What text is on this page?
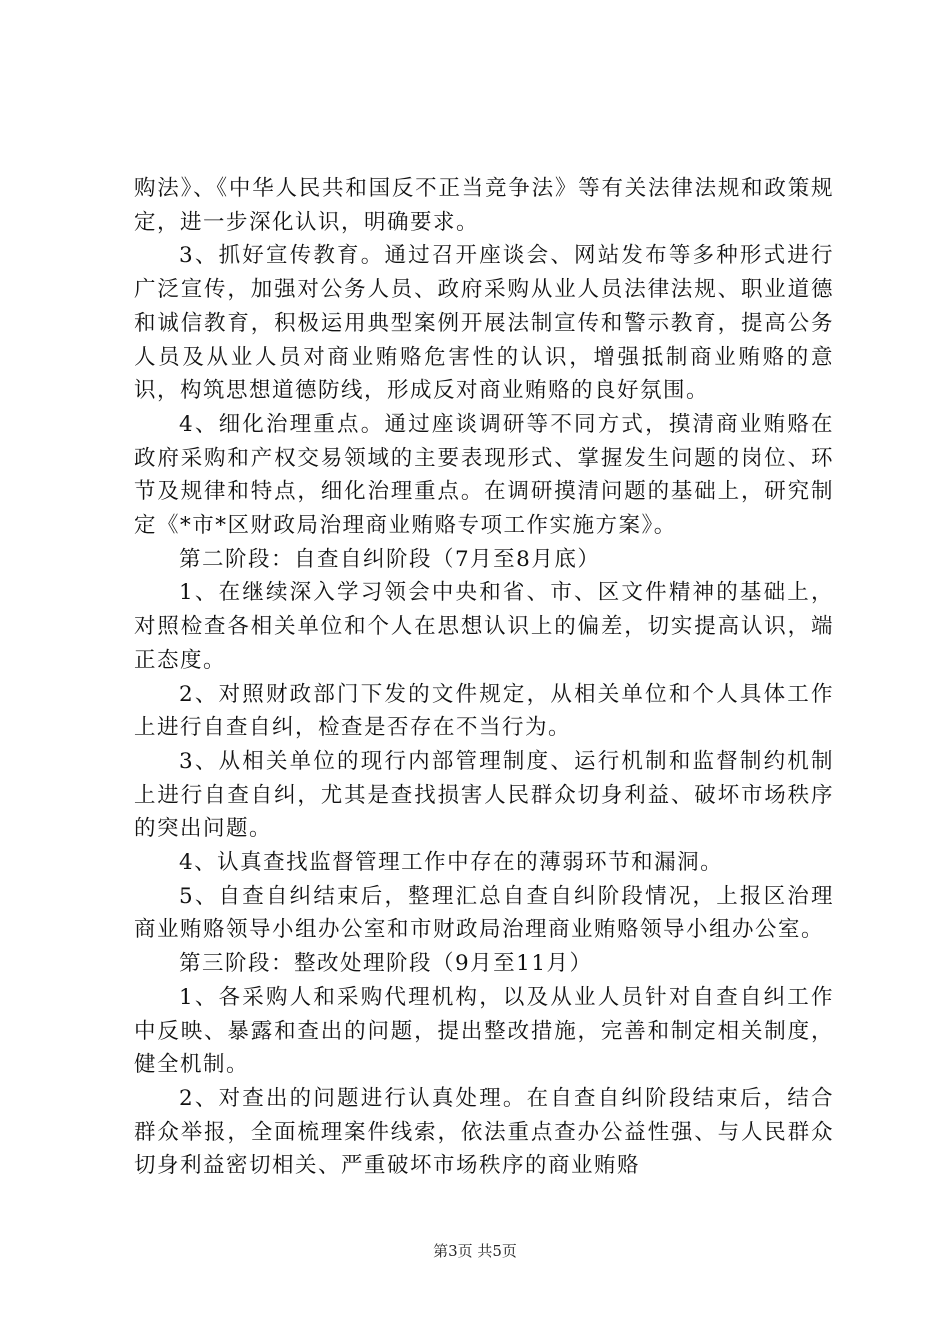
购法》、《中华人民共和国反不正当竞争法》等有关法律法规和政策规定，进一步深化认识，明确要求。

3、抓好宣传教育。通过召开座谈会、网站发布等多种形式进行广泛宣传，加强对公务人员、政府采购从业人员法律法规、职业道德和诚信教育，积极运用典型案例开展法制宣传和警示教育，提高公务人员及从业人员对商业贿赂危害性的认识，增强抵制商业贿赂的意识，构筑思想道德防线，形成反对商业贿赂的良好氛围。

4、细化治理重点。通过座谈调研等不同方式，摸清商业贿赂在政府采购和产权交易领域的主要表现形式、掌握发生问题的岗位、环节及规律和特点，细化治理重点。在调研摸清问题的基础上，研究制定《*市*区财政局治理商业贿赂专项工作实施方案》。

第二阶段：自查自纠阶段（7月至8月底）

1、在继续深入学习领会中央和省、市、区文件精神的基础上，对照检查各相关单位和个人在思想认识上的偏差，切实提高认识，端正态度。

2、对照财政部门下发的文件规定，从相关单位和个人具体工作上进行自查自纠，检查是否存在不当行为。

3、从相关单位的现行内部管理制度、运行机制和监督制约机制上进行自查自纠，尤其是查找损害人民群众切身利益、破坏市场秩序的突出问题。

4、认真查找监督管理工作中存在的薄弱环节和漏洞。

5、自查自纠结束后，整理汇总自查自纠阶段情况，上报区治理商业贿赂领导小组办公室和市财政局治理商业贿赂领导小组办公室。

第三阶段：整改处理阶段（9月至11月）

1、各采购人和采购代理机构，以及从业人员针对自查自纠工作中反映、暴露和查出的问题，提出整改措施，完善和制定相关制度，健全机制。

2、对查出的问题进行认真处理。在自查自纠阶段结束后，结合群众举报，全面梳理案件线索，依法重点查办公益性强、与人民群众切身利益密切相关、严重破坏市场秩序的商业贿赂

第3页 共5页
